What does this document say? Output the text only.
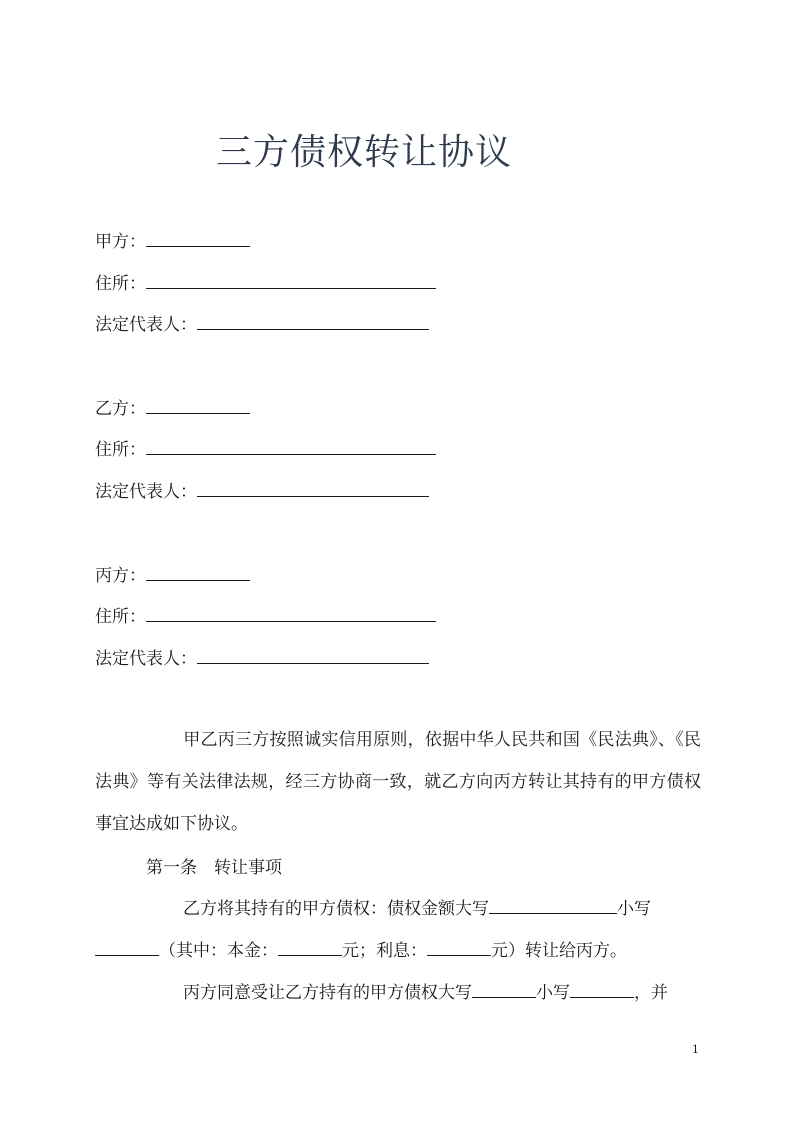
三方债权转让协议
甲方：
住所：
法定代表人：
乙方：
住所：
法定代表人：
丙方：
住所：
法定代表人：
甲乙丙三方按照诚实信用原则，依据中华人民共和国《民法典》、《民法典》等有关法律法规，经三方协商一致，就乙方向丙方转让其持有的甲方债权事宜达成如下协议。
第一条　转让事项
乙方将其持有的甲方债权：债权金额大写	小写
（其中：本金：	元；利息：	元）转让给丙方。
丙方同意受让乙方持有的甲方债权大写	小写	，并
1
